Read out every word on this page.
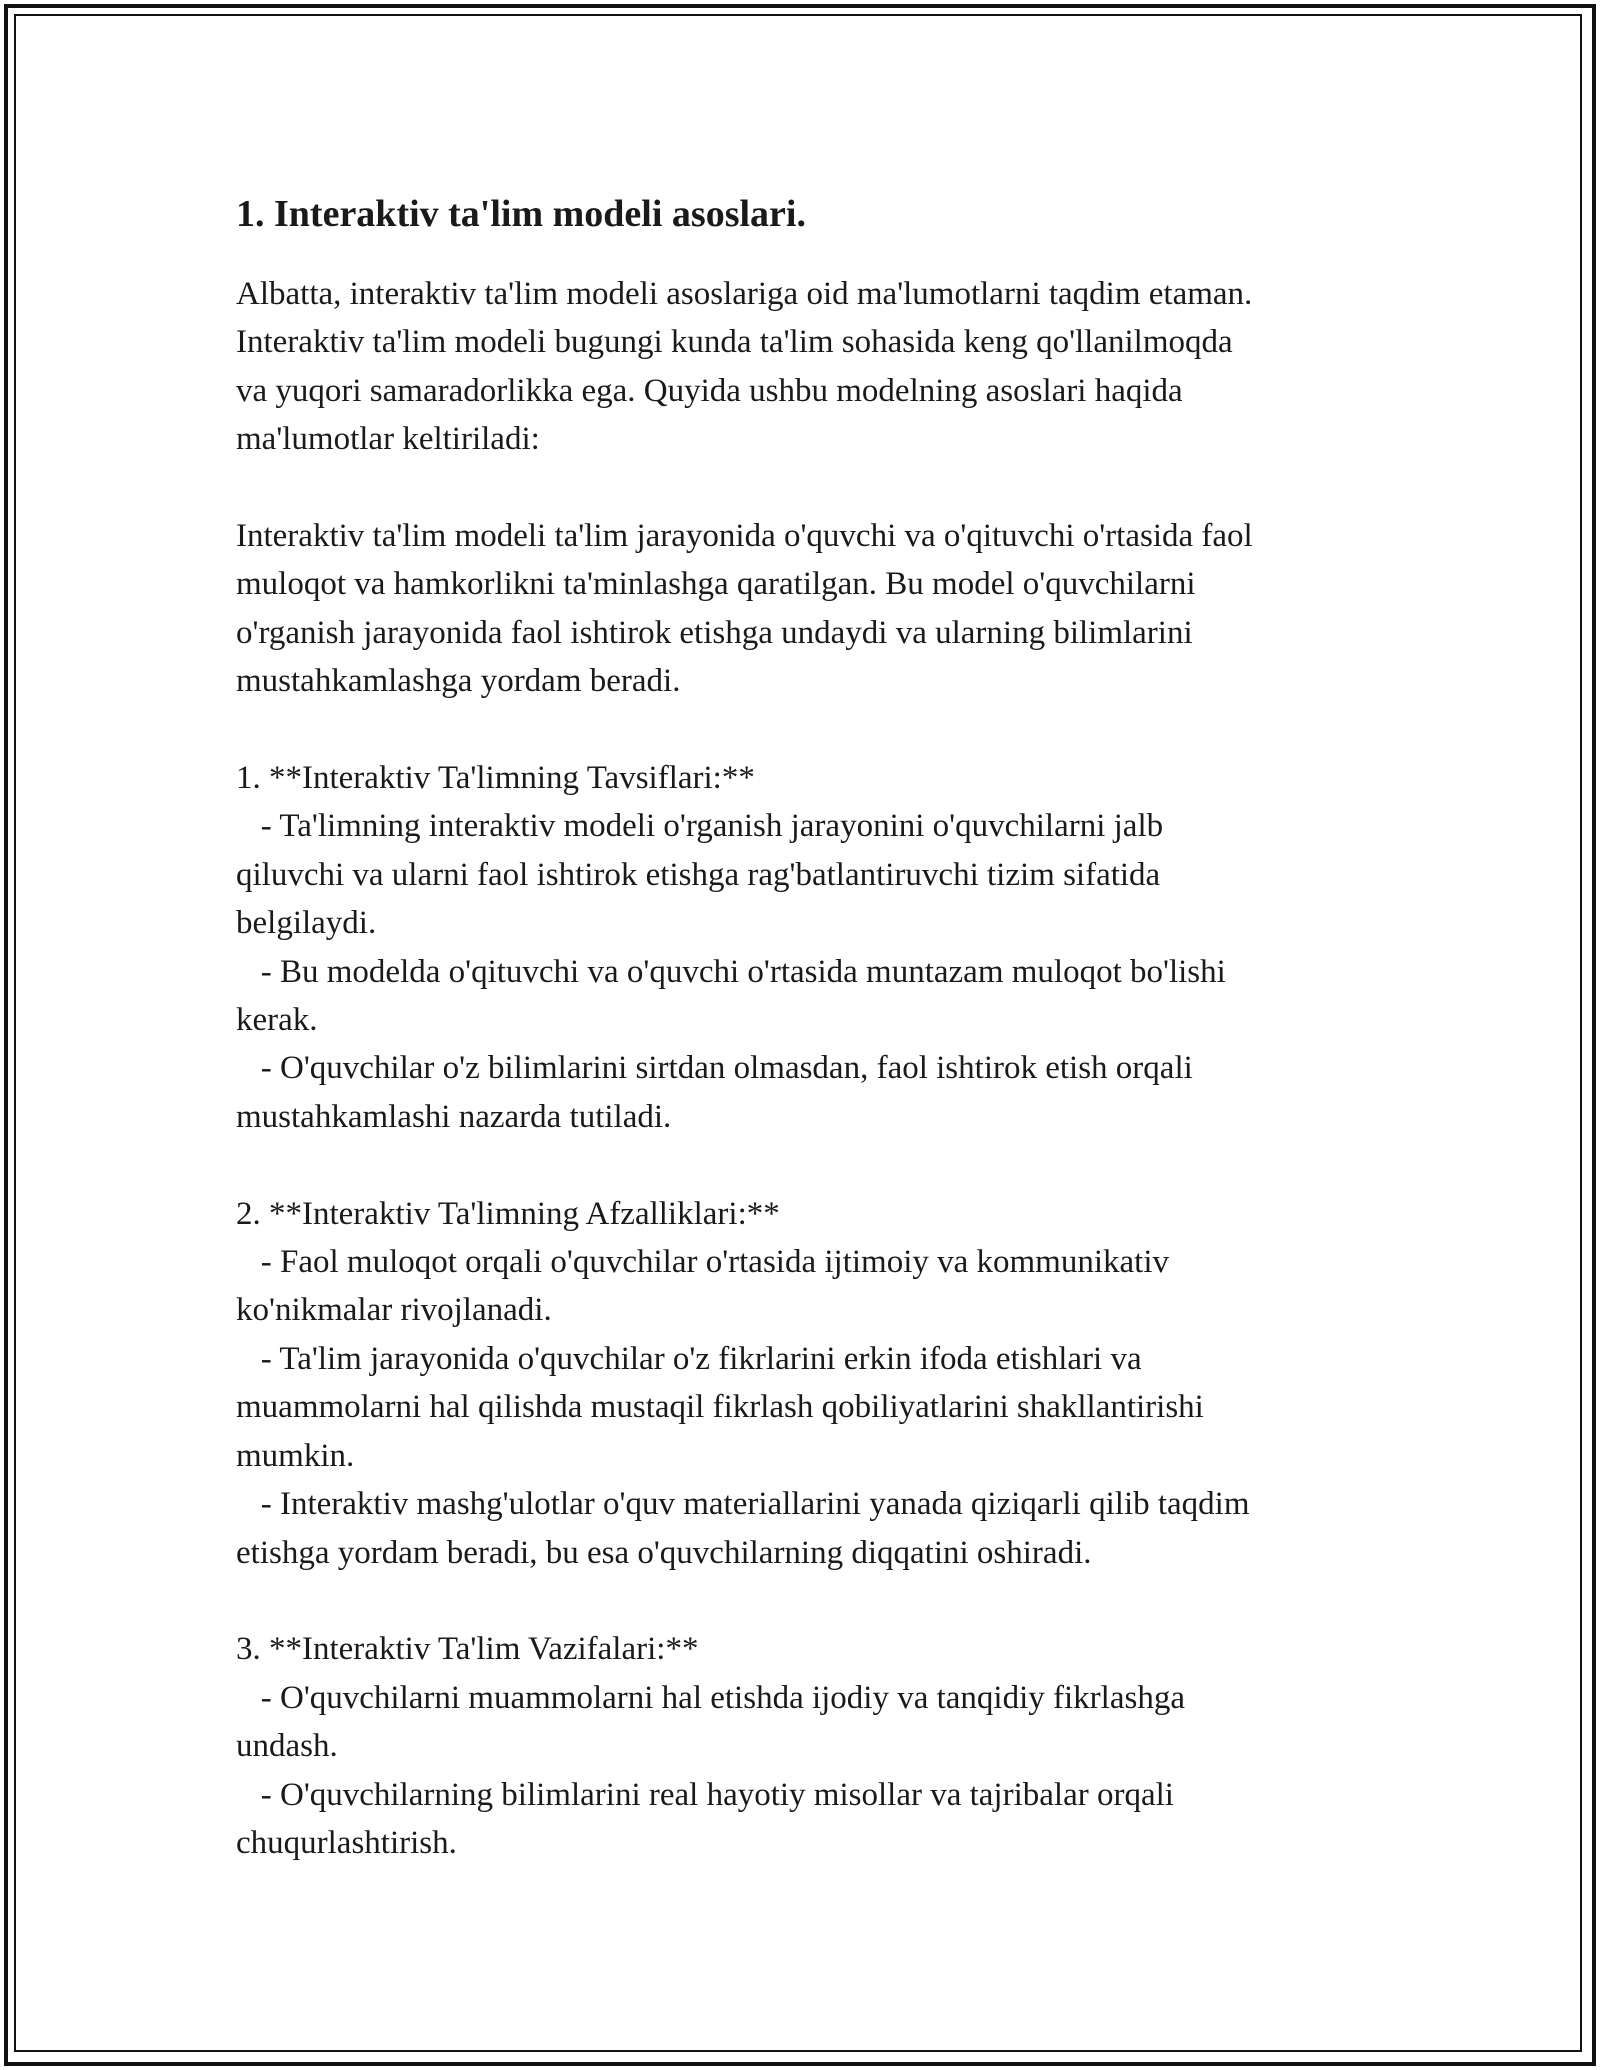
1. Interaktiv ta'lim modeli asoslari.
Albatta, interaktiv ta'lim modeli asoslariga oid ma'lumotlarni taqdim etaman.
Interaktiv ta'lim modeli bugungi kunda ta'lim sohasida keng qo'llanilmoqda
va yuqori samaradorlikka ega. Quyida ushbu modelning asoslari haqida
ma'lumotlar keltiriladi:
Interaktiv ta'lim modeli ta'lim jarayonida o'quvchi va o'qituvchi o'rtasida faol
muloqot va hamkorlikni ta'minlashga qaratilgan. Bu model o'quvchilarni
o'rganish jarayonida faol ishtirok etishga undaydi va ularning bilimlarini
mustahkamlashga yordam beradi.
1. **Interaktiv Ta'limning Tavsiflari:**
- Ta'limning interaktiv modeli o'rganish jarayonini o'quvchilarni jalb
qiluvchi va ularni faol ishtirok etishga rag'batlantiruvchi tizim sifatida
belgilaydi.
- Bu modelda o'qituvchi va o'quvchi o'rtasida muntazam muloqot bo'lishi
kerak.
- O'quvchilar o'z bilimlarini sirtdan olmasdan, faol ishtirok etish orqali
mustahkamlashi nazarda tutiladi.
2. **Interaktiv Ta'limning Afzalliklari:**
- Faol muloqot orqali o'quvchilar o'rtasida ijtimoiy va kommunikativ
ko'nikmalar rivojlanadi.
- Ta'lim jarayonida o'quvchilar o'z fikrlarini erkin ifoda etishlari va
muammolarni hal qilishda mustaqil fikrlash qobiliyatlarini shakllantirishi
mumkin.
- Interaktiv mashg'ulotlar o'quv materiallarini yanada qiziqarli qilib taqdim
etishga yordam beradi, bu esa o'quvchilarning diqqatini oshiradi.
3. **Interaktiv Ta'lim Vazifalari:**
- O'quvchilarni muammolarni hal etishda ijodiy va tanqidiy fikrlashga
undash.
- O'quvchilarning bilimlarini real hayotiy misollar va tajribalar orqali
chuqurlashtirish.
